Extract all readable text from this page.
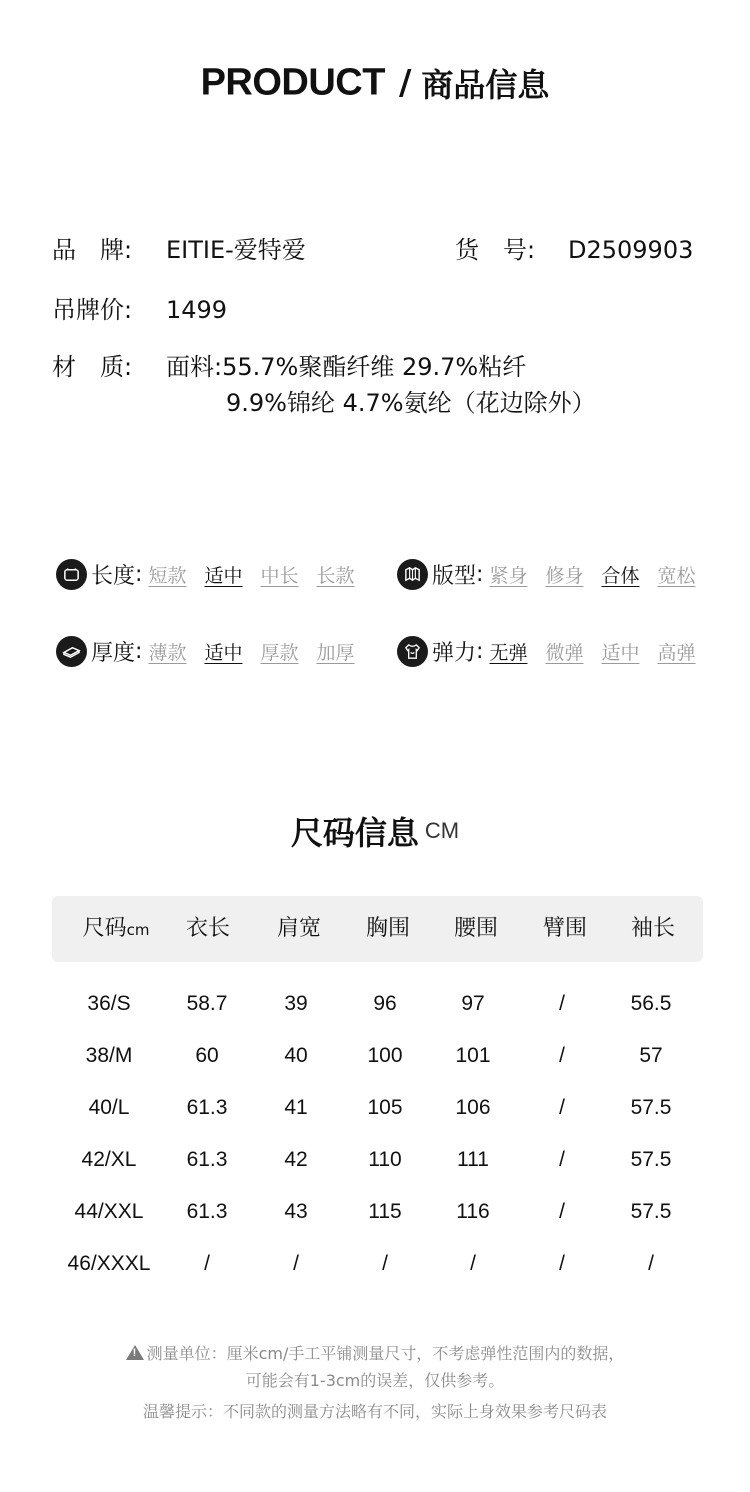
PRODUCT / 商品信息
品　牌: EITIE-爱特爱	货　号: D2509903
吊牌价: 1499
材　质: 面料:55.7%聚酯纤维 29.7%粘纤
9.9%锦纶 4.7%氨纶（花边除外）
长度 : 短款 适中 中长 长款	版型 : 紧身 修身 合体 宽松
厚度 : 薄款 适中 厚款 加厚	弹力 : 无弹 微弹 适中 高弹
尺码信息 CM
尺码cm 衣长 肩宽 胸围 腰围 臂围 袖长
36/S	58.7	39	96	97	/	56.5
38/M	60	40	100	101	/	57
40/L	61.3	41	105	106	/	57.5
42/XL 61.3	42	110	111	/	57.5
44/XXL 61.3	43	115	116	/	57.5
46/XXXL	/	/	/	/	/	/
!测量单位：厘米cm/手工平铺测量尺寸，不考虑弹性范围内的数据，
可能会有1-3cm的误差，仅供参考。
温馨提示：不同款的测量方法略有不同，实际上身效果参考尺码表
